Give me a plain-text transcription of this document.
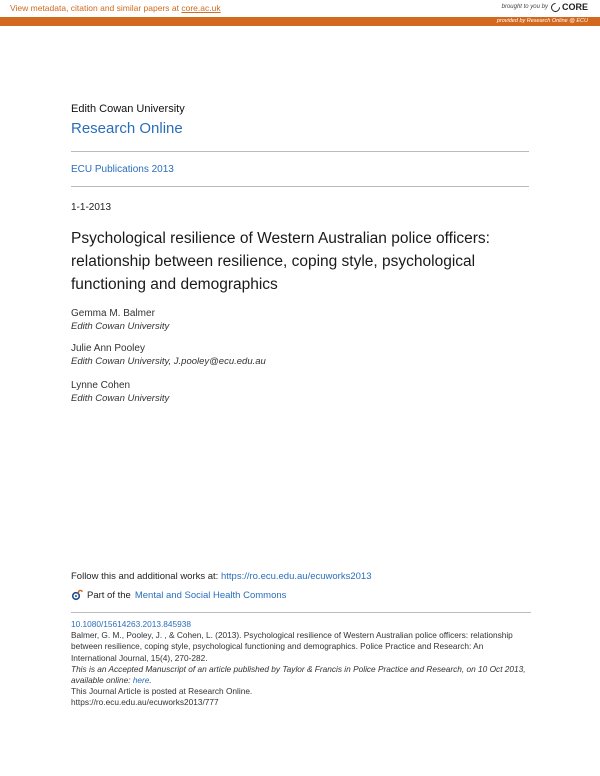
View metadata, citation and similar papers at core.ac.uk	brought to you by CORE
provided by Research Online @ ECU
Edith Cowan University
Research Online
ECU Publications 2013
1-1-2013
Psychological resilience of Western Australian police officers: relationship between resilience, coping style, psychological functioning and demographics
Gemma M. Balmer
Edith Cowan University
Julie Ann Pooley
Edith Cowan University, J.pooley@ecu.edu.au
Lynne Cohen
Edith Cowan University
Follow this and additional works at: https://ro.ecu.edu.au/ecuworks2013
Part of the Mental and Social Health Commons
10.1080/15614263.2013.845938
Balmer, G. M., Pooley, J. , & Cohen, L. (2013). Psychological resilience of Western Australian police officers: relationship between resilience, coping style, psychological functioning and demographics. Police Practice and Research: An International Journal, 15(4), 270-282.
This is an Accepted Manuscript of an article published by Taylor & Francis in Police Practice and Research, on 10 Oct 2013, available online: here.
This Journal Article is posted at Research Online.
https://ro.ecu.edu.au/ecuworks2013/777
